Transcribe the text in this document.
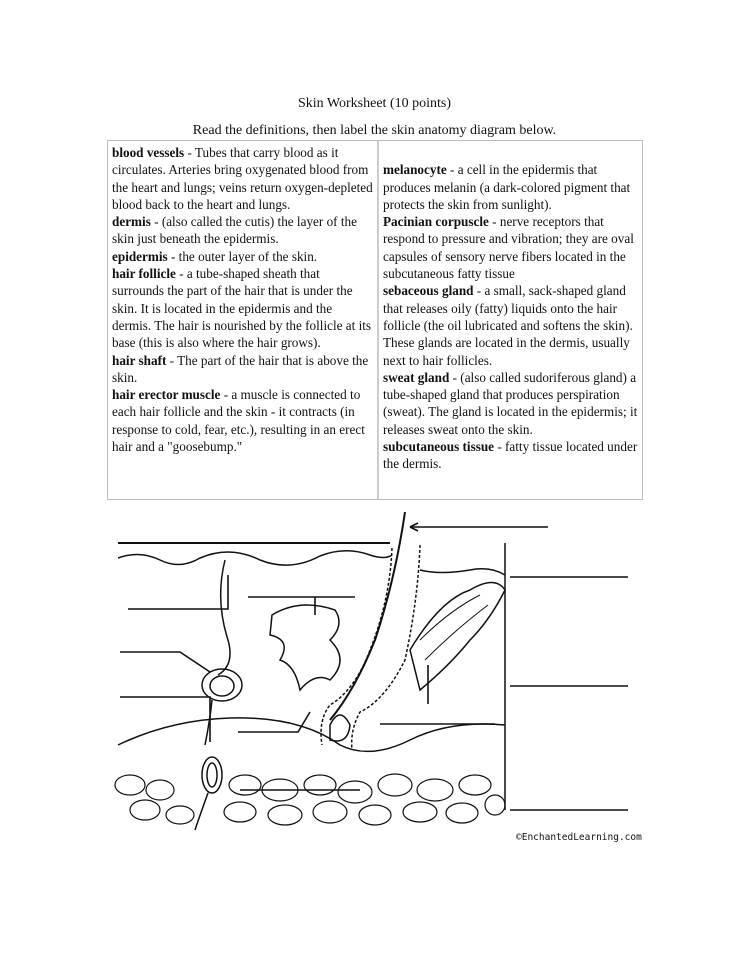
Skin Worksheet (10 points)
Read the definitions, then label the skin anatomy diagram below.
blood vessels - Tubes that carry blood as it circulates. Arteries bring oxygenated blood from the heart and lungs; veins return oxygen-depleted blood back to the heart and lungs.
dermis - (also called the cutis) the layer of the skin just beneath the epidermis.
epidermis - the outer layer of the skin.
hair follicle - a tube-shaped sheath that surrounds the part of the hair that is under the skin. It is located in the epidermis and the dermis. The hair is nourished by the follicle at its base (this is also where the hair grows).
hair shaft - The part of the hair that is above the skin.
hair erector muscle - a muscle is connected to each hair follicle and the skin - it contracts (in response to cold, fear, etc.), resulting in an erect hair and a "goosebump."
melanocyte - a cell in the epidermis that produces melanin (a dark-colored pigment that protects the skin from sunlight).
Pacinian corpuscle - nerve receptors that respond to pressure and vibration; they are oval capsules of sensory nerve fibers located in the subcutaneous fatty tissue
sebaceous gland - a small, sack-shaped gland that releases oily (fatty) liquids onto the hair follicle (the oil lubricated and softens the skin). These glands are located in the dermis, usually next to hair follicles.
sweat gland - (also called sudoriferous gland) a tube-shaped gland that produces perspiration (sweat). The gland is located in the epidermis; it releases sweat onto the skin.
subcutaneous tissue - fatty tissue located under the dermis.
©EnchantedLearning.com
